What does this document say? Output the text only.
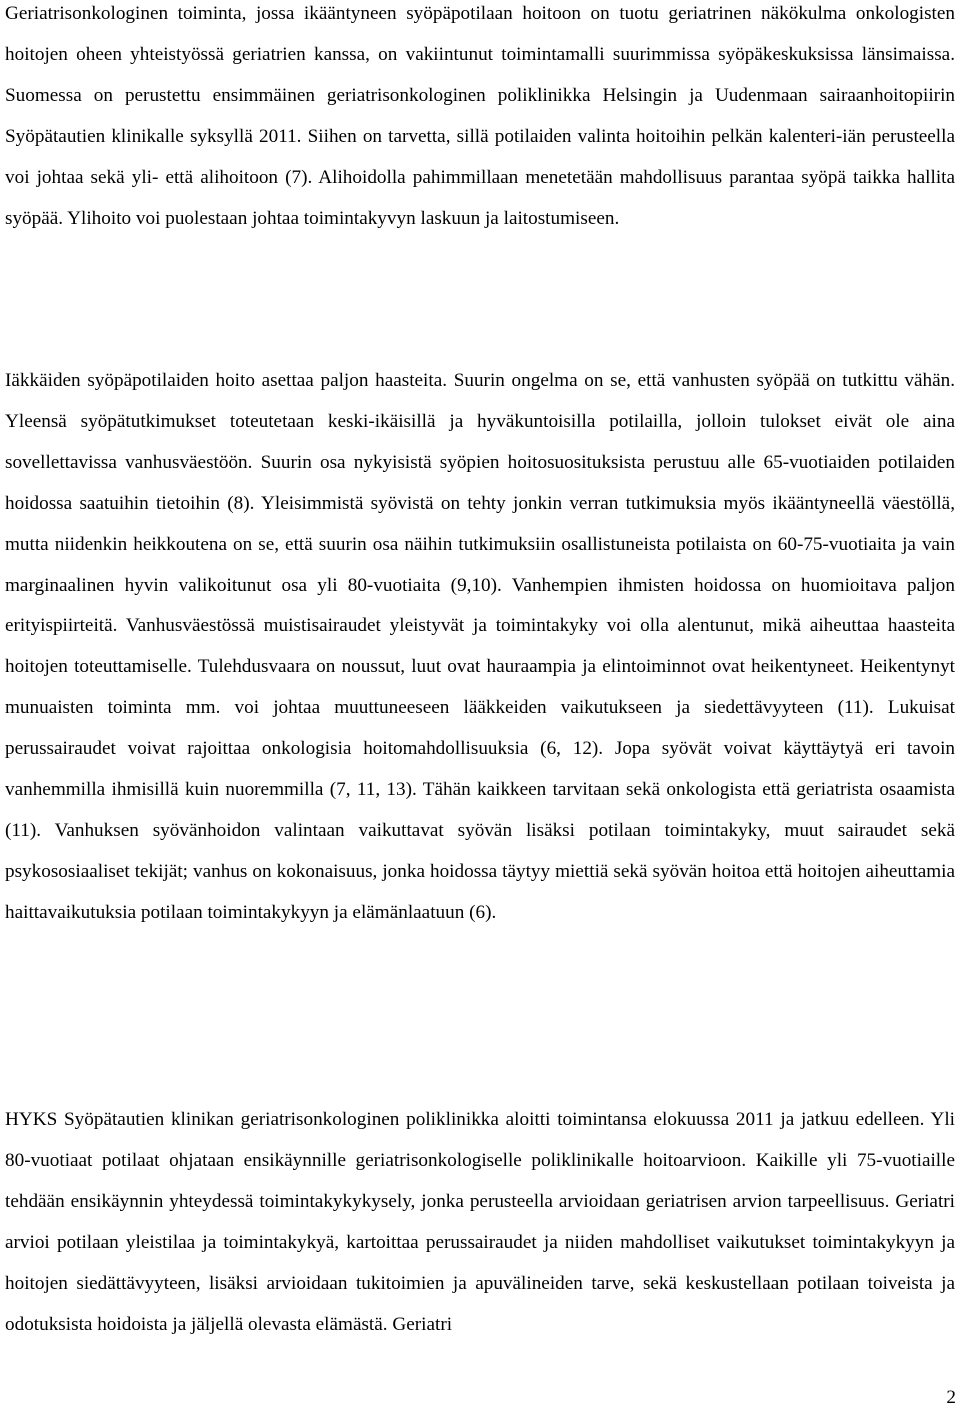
Geriatrisonkologinen toiminta, jossa ikääntyneen syöpäpotilaan hoitoon on tuotu geriatrinen näkökulma onkologisten hoitojen oheen yhteistyössä geriatrien kanssa, on vakiintunut toimintamalli suurimmissa syöpäkeskuksissa länsimaissa. Suomessa on perustettu ensimmäinen geriatrisonkologinen poliklinikka Helsingin ja Uudenmaan sairaanhoitopiirin Syöpätautien klinikalle syksyllä 2011. Siihen on tarvetta, sillä potilaiden valinta hoitoihin pelkän kalenteri-iän perusteella voi johtaa sekä yli- että alihoitoon (7). Alihoidolla pahimmillaan menetetään mahdollisuus parantaa syöpä taikka hallita syöpää. Ylihoito voi puolestaan johtaa toimintakyvyn laskuun ja laitostumiseen.

Iäkkäiden syöpäpotilaiden hoito asettaa paljon haasteita. Suurin ongelma on se, että vanhusten syöpää on tutkittu vähän. Yleensä syöpätutkimukset toteutetaan keski-ikäisillä ja hyväkuntoisilla potilailla, jolloin tulokset eivät ole aina sovellettavissa vanhusväestöön. Suurin osa nykyisistä syöpien hoitosuosituksista perustuu alle 65-vuotiaiden potilaiden hoidossa saatuihin tietoihin (8). Yleisimmistä syövistä on tehty jonkin verran tutkimuksia myös ikääntyneellä väestöllä, mutta niidenkin heikkoutena on se, että suurin osa näihin tutkimuksiin osallistuneista potilaista on 60-75-vuotiaita ja vain marginaalinen hyvin valikoitunut osa yli 80-vuotiaita (9,10). Vanhempien ihmisten hoidossa on huomioitava paljon erityispiirteitä. Vanhusväestössä muistisairaudet yleistyvät ja toimintakyky voi olla alentunut, mikä aiheuttaa haasteita hoitojen toteuttamiselle. Tulehdusvaara on noussut, luut ovat hauraampia ja elintoiminnot ovat heikentyneet. Heikentynyt munuaisten toiminta mm. voi johtaa muuttuneeseen lääkkeiden vaikutukseen ja siedettävyyteen (11). Lukuisat perussairaudet voivat rajoittaa onkologisia hoitomahdollisuuksia (6, 12). Jopa syövät voivat käyttäytyä eri tavoin vanhemmilla ihmisillä kuin nuoremmilla (7, 11, 13). Tähän kaikkeen tarvitaan sekä onkologista että geriatrista osaamista (11). Vanhuksen syövänhoidon valintaan vaikuttavat syövän lisäksi potilaan toimintakyky, muut sairaudet sekä psykososiaaliset tekijät; vanhus on kokonaisuus, jonka hoidossa täytyy miettiä sekä syövän hoitoa että hoitojen aiheuttamia haittavaikutuksia potilaan toimintakykyyn ja elämänlaatuun (6).

HYKS Syöpätautien klinikan geriatrisonkologinen poliklinikka aloitti toimintansa elokuussa 2011 ja jatkuu edelleen. Yli 80-vuotiaat potilaat ohjataan ensikäynnille geriatrisonkologiselle poliklinikalle hoitoarvioon. Kaikille yli 75-vuotiaille tehdään ensikäynnin yhteydessä toimintakykykysely, jonka perusteella arvioidaan geriatrisen arvion tarpeellisuus. Geriatri arvioi potilaan yleistilaa ja toimintakykyä, kartoittaa perussairaudet ja niiden mahdolliset vaikutukset toimintakykyyn ja hoitojen siedättävyyteen, lisäksi arvioidaan tukitoimien ja apuvälineiden tarve, sekä keskustellaan potilaan toiveista ja odotuksista hoidoista ja jäljellä olevasta elämästä. Geriatri

2
